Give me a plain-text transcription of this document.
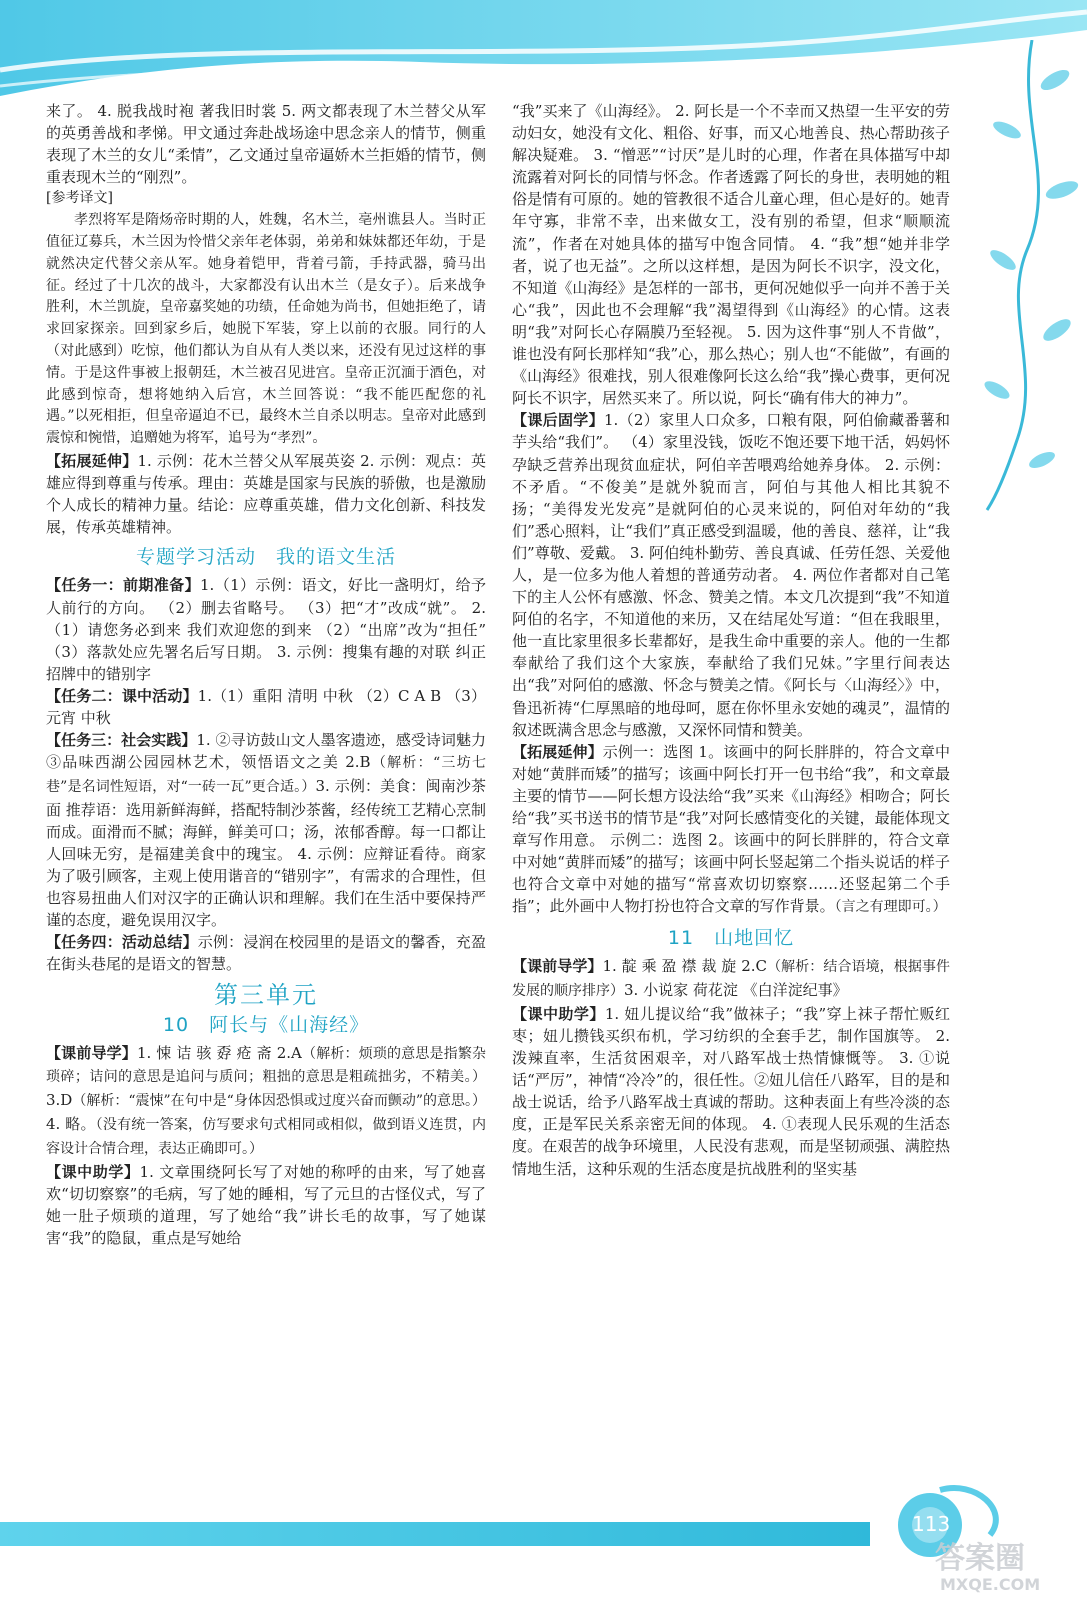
来了。 4. 脱我战时袍 著我旧时裳 5. 两文都表现了木兰替父从军的英勇善战和孝悌。甲文通过奔赴战场途中思念亲人的情节，侧重表现了木兰的女儿“柔情”，乙文通过皇帝逼娇木兰拒婚的情节，侧重表现木兰的“刚烈”。

[参考译文]

孝烈将军是隋炀帝时期的人，姓魏，名木兰，亳州谯县人。当时正值征辽募兵，木兰因为怜惜父亲年老体弱，弟弟和妹妹都还年幼，于是就然决定代替父亲从军。她身着铠甲，背着弓箭，手持武器，骑马出征。经过了十几次的战斗，大家都没有认出木兰（是女子）。后来战争胜利，木兰凯旋，皇帝嘉奖她的功绩，任命她为尚书，但她拒绝了，请求回家探亲。回到家乡后，她脱下军装，穿上以前的衣服。同行的人（对此感到）吃惊，他们都认为自从有人类以来，还没有见过这样的事情。于是这件事被上报朝廷，木兰被召见进宫。皇帝正沉湎于酒色，对此感到惊奇，想将她纳入后宫，木兰回答说：“我不能匹配您的礼遇。”以死相拒，但皇帝逼迫不已，最终木兰自杀以明志。皇帝对此感到震惊和惋惜，追赠她为将军，追号为“孝烈”。

【拓展延伸】1. 示例：花木兰替父从军展英姿 2. 示例：观点：英雄应得到尊重与传承。理由：英雄是国家与民族的骄傲，也是激励个人成长的精神力量。结论：应尊重英雄，借力文化创新、科技发展，传承英雄精神。

专题学习活动　我的语文生活

【任务一：前期准备】1.（1）示例：语文，好比一盏明灯，给予人前行的方向。 （2）删去省略号。 （3）把“才”改成“就”。 2.（1）请您务必到来 我们欢迎您的到来 （2）“出席”改为“担任” （3）落款处应先署名后写日期。 3. 示例：搜集有趣的对联 纠正招牌中的错别字

【任务二：课中活动】1.（1）重阳 清明 中秋 （2）C A B （3）元宵 中秋

【任务三：社会实践】1. ②寻访鼓山文人墨客遗迹，感受诗词魅力 ③品味西湖公园园林艺术，领悟语文之美 2.B（解析：“三坊七巷”是名词性短语，对“一砖一瓦”更合适。）3. 示例：美食：闽南沙茶面 推荐语：选用新鲜海鲜，搭配特制沙茶酱，经传统工艺精心烹制而成。面滑而不腻；海鲜，鲜美可口；汤，浓郁香醇。每一口都让人回味无穷，是福建美食中的瑰宝。 4. 示例：应辩证看待。商家为了吸引顾客，主观上使用谐音的“错别字”，有需求的合理性，但也容易扭曲人们对汉字的正确认识和理解。我们在生活中要保持严谨的态度，避免误用汉字。

【任务四：活动总结】示例：浸润在校园里的是语文的馨香，充盈在街头巷尾的是语文的智慧。

第三单元
10　阿长与《山海经》

【课前导学】1. 悚 诘 骇 孬 疮 斋 2.A（解析：烦琐的意思是指繁杂琐碎；诘问的意思是追问与质问；粗拙的意思是粗疏拙劣，不精美。）3.D（解析：“震悚”在句中是“身体因恐惧或过度兴奋而颤动”的意思。）4. 略。（没有统一答案，仿写要求句式相同或相似，做到语义连贯，内容设计合情合理，表达正确即可。）

【课中助学】1. 文章围绕阿长写了对她的称呼的由来，写了她喜欢“切切察察”的毛病，写了她的睡相，写了元旦的古怪仪式，写了她一肚子烦琐的道理，写了她给“我”讲长毛的故事，写了她谋害“我”的隐鼠，重点是写她给

“我”买来了《山海经》。 2. 阿长是一个不幸而又热望一生平安的劳动妇女，她没有文化、粗俗、好事，而又心地善良、热心帮助孩子解决疑难。 3. “憎恶”“讨厌”是儿时的心理，作者在具体描写中却流露着对阿长的同情与怀念。作者透露了阿长的身世，表明她的粗俗是情有可原的。她的管教很不适合儿童心理，但心是好的。她青年守寡，非常不幸，出来做女工，没有别的希望，但求“顺顺流流”，作者在对她具体的描写中饱含同情。 4. “我”想“她并非学者，说了也无益”。之所以这样想，是因为阿长不识字，没文化，不知道《山海经》是怎样的一部书，更何况她似乎一向并不善于关心“我”，因此也不会理解“我”渴望得到《山海经》的心情。这表明“我”对阿长心存隔膜乃至轻视。 5. 因为这件事“别人不肯做”，谁也没有阿长那样知“我”心，那么热心；别人也“不能做”，有画的《山海经》很难找，别人很难像阿长这么给“我”操心费事，更何况阿长不识字，居然买来了。所以说，阿长“确有伟大的神力”。

【课后固学】1.（2）家里人口众多，口粮有限，阿伯偷藏番薯和芋头给“我们”。 （4）家里没钱，饭吃不饱还要下地干活，妈妈怀孕缺乏营养出现贫血症状，阿伯辛苦喂鸡给她养身体。 2. 示例：不矛盾。“不俊美”是就外貌而言，阿伯与其他人相比其貌不扬；“美得发光发亮”是就阿伯的心灵来说的，阿伯对年幼的“我们”悉心照料，让“我们”真正感受到温暖，他的善良、慈祥，让“我们”尊敬、爱戴。 3. 阿伯纯朴勤劳、善良真诚、任劳任怨、关爱他人，是一位多为他人着想的普通劳动者。 4. 两位作者都对自己笔下的主人公怀有感激、怀念、赞美之情。本文几次提到“我”不知道阿伯的名字，不知道他的来历，又在结尾处写道：“但在我眼里，他一直比家里很多长辈都好，是我生命中重要的亲人。他的一生都奉献给了我们这个大家族，奉献给了我们兄妹。”字里行间表达出“我”对阿伯的感激、怀念与赞美之情。《阿长与〈山海经〉》中，鲁迅祈祷“仁厚黑暗的地母呵，愿在你怀里永安她的魂灵”，温情的叙述既满含思念与感激，又深怀同情和赞美。

【拓展延伸】示例一：选图 1。该画中的阿长胖胖的，符合文章中对她“黄胖而矮”的描写；该画中阿长打开一包书给“我”，和文章最主要的情节——阿长想方设法给“我”买来《山海经》相吻合；阿长给“我”买书送书的情节是“我”对阿长感情变化的关键，最能体现文章写作用意。 示例二：选图 2。该画中的阿长胖胖的，符合文章中对她“黄胖而矮”的描写；该画中阿长竖起第二个指头说话的样子也符合文章中对她的描写“常喜欢切切察察……还竖起第二个手指”；此外画中人物打扮也符合文章的写作背景。（言之有理即可。）

11　山地回忆

【课前导学】1. 靛 乘 盈 襟 裁 旋 2.C（解析：结合语境，根据事件发展的顺序排序）3. 小说家 荷花淀 《白洋淀纪事》

【课中助学】1. 妞儿提议给“我”做袜子；“我”穿上袜子帮忙贩红枣；妞儿攒钱买织布机，学习纺织的全套手艺，制作国旗等。 2. 泼辣直率，生活贫困艰辛，对八路军战士热情慷慨等。 3. ①说话“严厉”，神情“冷冷”的，很任性。②妞儿信任八路军，目的是和战士说话，给予八路军战士真诚的帮助。这种表面上有些冷淡的态度，正是军民关系亲密无间的体现。 4. ①表现人民乐观的生活态度。在艰苦的战争环境里，人民没有悲观，而是坚韧顽强、满腔热情地生活，这种乐观的生活态度是抗战胜利的坚实基

答案圈
MXQE.COM
113
